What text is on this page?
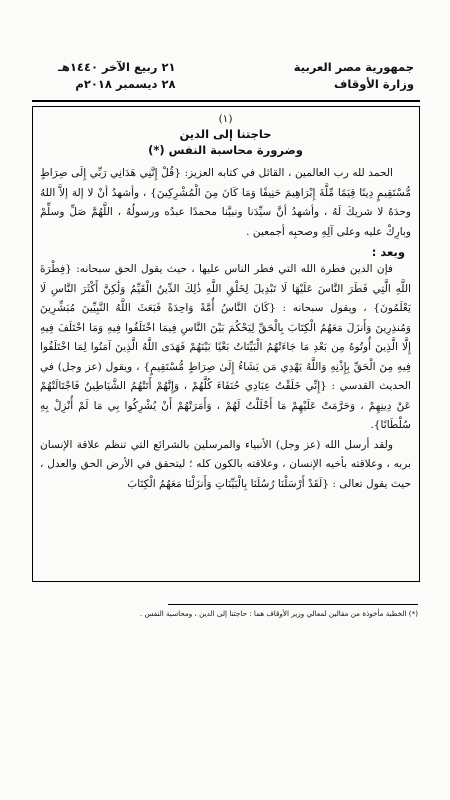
جمهورية مصر العربية
وزارة الأوقاف
٢١ ربيع الآخر ١٤٤٠هـ
٢٨ ديسمبر ٢٠١٨م
(١)
حاجتنا إلى الدين
وضرورة محاسبة النفس (*)

الحمد لله رب العالمين ، القائل في كتابه العزيز: {قُلْ إِنَّنِي هَدَانِي رَبِّي إِلَى صِرَاطٍ مُّسْتَقِيمٍ دِينًا قِيَمًا مِّلَّةَ إِبْرَاهِيمَ حَنِيفًا وَمَا كَانَ مِنَ الْمُشْرِكِينَ} ، وأشهدُ أنْ لا إلهَ إلاَّ اللهُ وحدَهُ لا شريكَ لَهُ ، وأشهدُ أنَّ سيِّدَنا ونبيَّنا محمدًا عبدُه ورسولُهُ ، اللَّهُمَّ صَلِّ وسلِّمْ وبارِكْ عليه وعلى آلِهِ وصحبِه أجمعين .

وبعد :

فإن الدين فطرة الله التي فطر الناس عليها ، حيث يقول الحق سبحانه: {فِطْرَةَ اللَّهِ الَّتِي فَطَرَ النَّاسَ عَلَيْهَا لَا تَبْدِيلَ لِخَلْقِ اللَّهِ ذَٰلِكَ الدِّينُ الْقَيِّمُ وَلَٰكِنَّ أَكْثَرَ النَّاسِ لَا يَعْلَمُونَ} ، ويقول سبحانه : {كَانَ النَّاسُ أُمَّةً وَاحِدَةً فَبَعَثَ اللَّهُ النَّبِيِّينَ مُبَشِّرِينَ وَمُنذِرِينَ وَأَنزَلَ مَعَهُمُ الْكِتَابَ بِالْحَقِّ لِيَحْكُمَ بَيْنَ النَّاسِ فِيمَا اخْتَلَفُوا فِيهِ وَمَا اخْتَلَفَ فِيهِ إِلَّا الَّذِينَ أُوتُوهُ مِن بَعْدِ مَا جَاءَتْهُمُ الْبَيِّنَاتُ بَغْيًا بَيْنَهُمْ فَهَدَى اللَّهُ الَّذِينَ آمَنُوا لِمَا اخْتَلَفُوا فِيهِ مِنَ الْحَقِّ بِإِذْنِهِ وَاللَّهُ يَهْدِي مَن يَشَاءُ إِلَىٰ صِرَاطٍ مُّسْتَقِيمٍ} ، ويقول (عز وجل) في الحديث القدسي : {إِنِّي خَلَقْتُ عِبَادِي حُنَفَاءَ كُلَّهُمْ ، وَإِنَّهُمْ أَتَتْهُمُ الشَّيَاطِينُ فَاجْتَالَتْهُمْ عَنْ دِينِهِمْ ، وَحَرَّمَتْ عَلَيْهِمْ مَا أَحْلَلْتُ لَهُمْ ، وَأَمَرَتْهُمْ أَنْ يُشْرِكُوا بِي مَا لَمْ أُنْزِلْ بِهِ سُلْطَانًا}.

ولقد أرسل الله (عز وجل) الأنبياء والمرسلين بالشرائع التي تنظم علاقة الإنسان بربه ، وعلاقته بأخيه الإنسان ، وعلاقته بالكون كله ؛ ليتحقق في الأرض الحق والعدل ، حيث يقول تعالى : {لَقَدْ أَرْسَلْنَا رُسُلَنَا بِالْبَيِّنَاتِ وَأَنزَلْنَا مَعَهُمُ الْكِتَابَ

(*) الخطبة مأخوذة من مقالين لمعالي وزير الأوقاف هما : حاجتنا إلى الدين ، ومحاسبة النفس .
